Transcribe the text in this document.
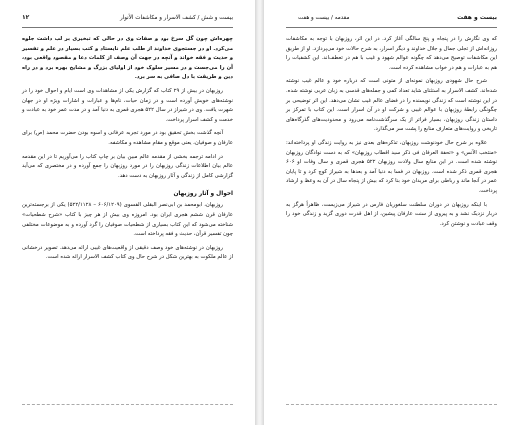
۱۲	بیست و شش / کشف الاسرار و مکاشفات الأنوار

چهره‌اش چون گل سرخ بود و صفات وی در حالی که تبخیری بر لب داشت جلوه می‌کرد. او در جستجوی خداوند از طلب علم نایستاد و کتب بسیار در علم و تفسیر و حدیث و فقه خواند و آنچه در جهت آن وصف از کلمات دعا و مقصود واقعی بود، آن را می‌جست و در مسیر سلوک خود از اولیای بزرگ و مشایخ بهره برد و در راه دین و طریقت با دل صافی به سر برد.

روزبهان در بیش از ۲۹ کتاب که گزارش یکی از مشاهدات وی است ایام و احوال خود را در نوشته‌های خویش آورده است و در زمان حیات، نام‌ها و عبارات و اشارات ویژه او در جهان شهرت یافت. وی در شیراز در سال ۵۲۲ هجری قمری به دنیا آمد و در مدت عمر خود به عبادت و خدمت و کشف اسرار پرداخت.

آنچه گذشت بخش تحقیق بود در مورد تجربه عرفانی و اسوه بودن حضرت محمد (ص) برای عارفان و صوفیان، یعنی موقع و مقام مشاهده و مکاشفه.

در ادامه ترجمه بخشی از مقدمه عالم مبین بیان بر چاپ کتاب را می‌آوریم تا در این مقدمه عالم بیان اطلاعات زندگی روزبهان را در مورد روزبهان را جمع آورده و در مختصری که می‌آید گزارشی کامل از زندگی و آثار روزبهان به دست دهد.

احوال و آثار روزبهان

روزبهان، ابومحمد بن ابی‌نصر البقلی الفسوی (۶۰۶/۱۲۰۹ – ۵۲۲/۱۱۲۸) یکی از برجسته‌ترین عارفان قرن ششم هجری ایران بود. امروزه وی بیش از هر چیز با کتاب «شرح شطحیات» شناخته می‌شود که این کتاب بسیاری از شطحیات صوفیان را گرد آورده و به موضوعات مختلفی چون تفسیر قرآن، حدیث و فقه پرداخته است.

روزبهان در نوشته‌های خود وصف دقیقی از واقعیت‌های غیبی ارائه می‌دهد. تصویر درخشانی از عالم ملکوت به بهترین شکل در شرح حال وی کتاب کشف الاسرار ارائه شده است.

بیست و هفت
مقدمه / بیست و هفت

که وی نگارش را در پنجاه و پنج سالگی آغاز کرد. در این اثر، روزبهان با توجه به مکاشفات روزانه‌اش از تجلی جمال و جلال خداوند و دیگر اسرار، به شرح حالات خود می‌پردازد. او از طریق این مکاشفات توصیح می‌دهد که چگونه عوالم شهود و غیب با هم در تعطف‌اند. این کشفیات را هم به عبارات و هم در خواب مشاهده کرده است.

شرح حال شهودی روزبهان نمونه‌ای از متونی است که درباره خود و عالم غیب نوشته شده‌اند. کشف الاسرار به استثنای شاید تعداد کمی و جمله‌های قدسی به زبان عربی نوشته شده. در این نوشته است که زندگی نویسنده را در فضای عالم غیب نشان می‌دهد. این اثر توضیحی بر چگونگی رابطهٔ روزبهان با عوالم غیبی و شرکت او در آن اسرار است. این کتاب با تمرکز بر داستان زندگی روزبهان، بسیار فراتر از یک سرگذشت‌نامه می‌رود و محدودیت‌های گذرگاه‌های تاریخی و روایت‌های متعارف منابع را پشت سر می‌گذارد.

علاوه بر شرح حال خودنوشت روزبهان، تذکره‌های بعدی نیز به روایت زندگی او پرداخته‌اند: «منتخب الآنس» و «تحفة العرفان فی ذکر سید اقطاب روزبهان» که به دست نوادگان روزبهان نوشته شده است. در این منابع سال ولادت روزبهان ۵۲۲ هجری قمری و سال وفات او ۶۰۶ هجری قمری ذکر شده است. روزبهان در فسا به دنیا آمد و بعدها به شیراز کوچ کرد و تا پایان عمر در آنجا ماند و رباطی برای مریدان خود بنا کرد که بیش از پنجاه سال در آن به وعظ و ارشاد پرداخت.

با اینکه روزبهان در دوران سلطنت سلغوریان فارس در شیراز می‌زیست، ظاهراً هرگز به دربار نزدیک نشد و به پیروی از سنت عارفان پیشین، از اهل قدرت دوری گزید و زندگی خود را وقف عبادت و نوشتن کرد.
